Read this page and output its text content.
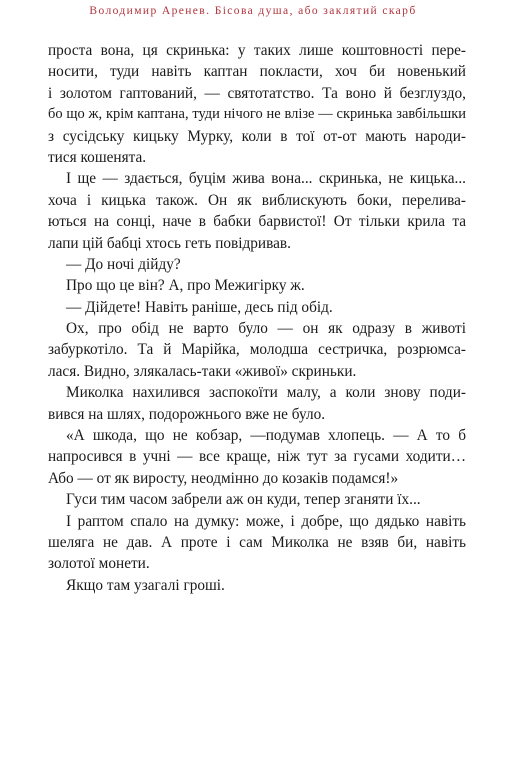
Володимир Аренев. Бісова душа, або заклятий скарб
проста вона, ця скринька: у таких лише коштовності пере-
носити, туди навіть каптан покласти, хоч би новенький
і золотом гаптований, — святотатство. Та воно й безглуздо,
бо що ж, крім каптана, туди нічого не влізе — скринька завбільшки
з сусідську кицьку Мурку, коли в тої от-от мають народи-
тися кошенята.
І ще — здається, буцім жива вона... скринька, не кицька...
хоча і кицька також. Он як виблискують боки, перелива-
ються на сонці, наче в бабки барвистої! От тільки крила та
лапи цій бабці хтось геть повідривав.
— До ночі дійду?
Про що це він? А, про Межигірку ж.
— Дійдете! Навіть раніше, десь під обід.
Ох, про обід не варто було — он як одразу в животі
забуркотіло. Та й Марійка, молодша сестричка, розрюмса-
лася. Видно, злякалась-таки «живої» скриньки.
Миколка нахилився заспокоїти малу, а коли знову поди-
вився на шлях, подорожнього вже не було.
«А шкода, що не кобзар, —подумав хлопець. — А то б
напросився в учні — все краще, ніж тут за гусами ходити…
Або — от як виросту, неодмінно до козаків подамся!»
Гуси тим часом забрели аж он куди, тепер зганяти їх...
І раптом спало на думку: може, і добре, що дядько навіть
шеляга не дав. А проте і сам Миколка не взяв би, навіть
золотої монети.
Якщо там узагалі гроші.
